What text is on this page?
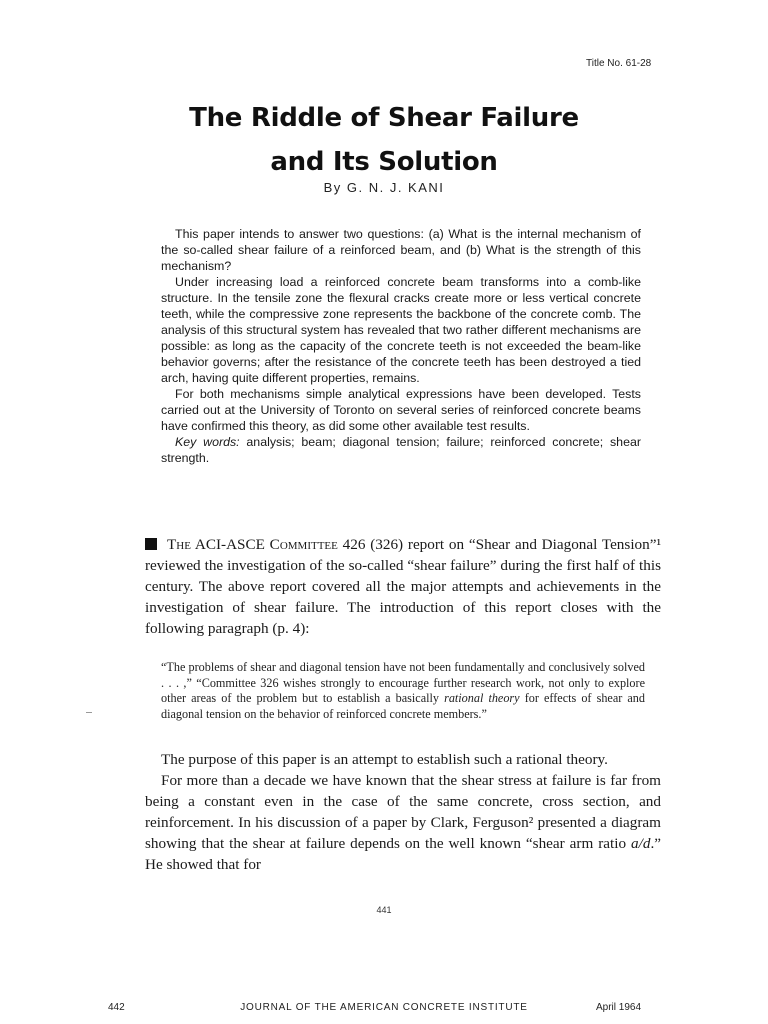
Title No. 61-28
The Riddle of Shear Failure
and Its Solution
By G. N. J. KANI

This paper intends to answer two questions: (a) What is the internal mechanism of the so-called shear failure of a reinforced beam, and (b) What is the strength of this mechanism?

Under increasing load a reinforced concrete beam transforms into a comb-like structure. In the tensile zone the flexural cracks create more or less vertical concrete teeth, while the compressive zone represents the backbone of the concrete comb. The analysis of this structural system has revealed that two rather different mechanisms are possible: as long as the capacity of the concrete teeth is not exceeded the beam-like behavior governs; after the resistance of the concrete teeth has been destroyed a tied arch, having quite different properties, remains.

For both mechanisms simple analytical expressions have been developed. Tests carried out at the University of Toronto on several series of reinforced concrete beams have confirmed this theory, as did some other available test results.

Key words: analysis; beam; diagonal tension; failure; reinforced concrete; shear strength.

The ACI-ASCE Committee 426 (326) report on “Shear and Diagonal Tension”¹ reviewed the investigation of the so-called “shear failure” during the first half of this century. The above report covered all the major attempts and achievements in the investigation of shear failure. The introduction of this report closes with the following paragraph (p. 4):

“The problems of shear and diagonal tension have not been fundamentally and conclusively solved . . . ,” “Committee 326 wishes strongly to encourage further research work, not only to explore other areas of the problem but to establish a basically rational theory for effects of shear and diagonal tension on the behavior of reinforced concrete members.”

The purpose of this paper is an attempt to establish such a rational theory.

For more than a decade we have known that the shear stress at failure is far from being a constant even in the case of the same concrete, cross section, and reinforcement. In his discussion of a paper by Clark, Ferguson² presented a diagram showing that the shear at failure depends on the well known “shear arm ratio a/d.” He showed that for

441
442	JOURNAL OF THE AMERICAN CONCRETE INSTITUTE	April 1964
